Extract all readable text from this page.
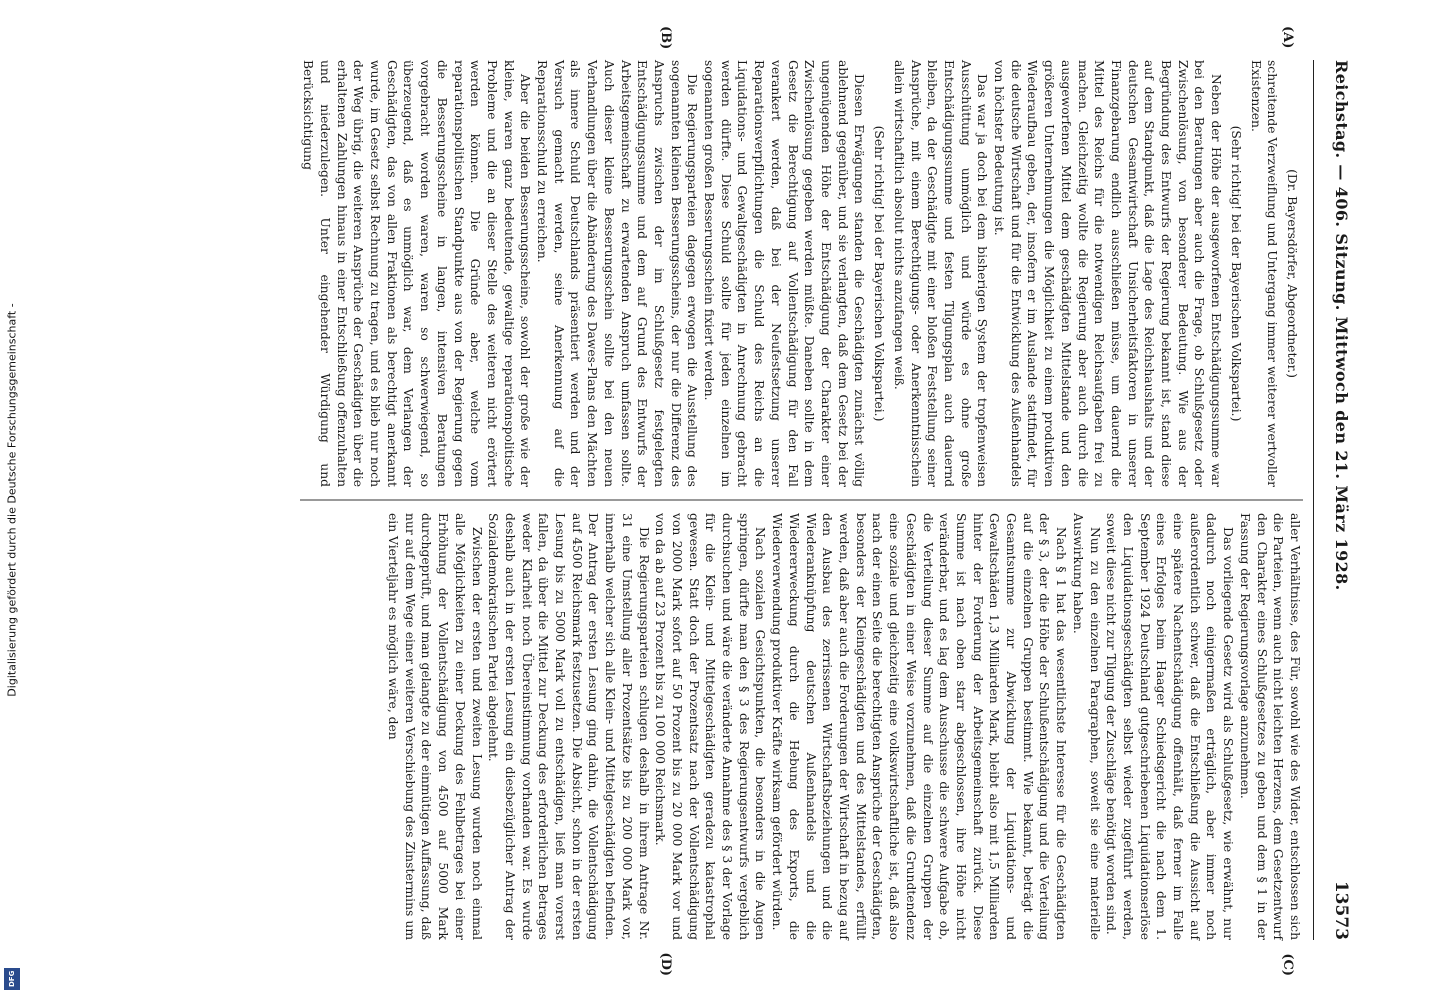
Reichstag. — 406. Sitzung. Mittwoch den 21. März 1928.
13573

(Dr. Bayersdörfer, Abgeordneter.)

schreitende Verzweiflung und Untergang immer weiterer wertvoller Existenzen.

(Sehr richtig! bei der Bayerischen Volkspartei.)

Neben der Höhe der ausgeworfenen Entschädigungssumme war bei den Beratungen aber auch die Frage, ob Schlußgesetz oder Zwischenlösung, von besonderer Bedeutung. Wie aus der Begründung des Entwurfs der Regierung bekannt ist, stand diese auf dem Standpunkt, daß die Lage des Reichshaushalts und der deutschen Gesamtwirtschaft Unsicherheitsfaktoren in unserer Finanzgebarung endlich ausschließen müsse, um dauernd die Mittel des Reichs für die notwendigen Reichsaufgaben frei zu machen. Gleichzeitig wollte die Regierung aber auch durch die ausgeworfenen Mittel dem geschädigten Mittelstande und den größeren Unternehmungen die Möglichkeit zu einem produktiven Wiederaufbau geben, der, insofern er im Auslande stattfindet, für die deutsche Wirtschaft und für die Entwicklung des Außenhandels von höchster Bedeutung ist.

Das war ja doch bei dem bisherigen System der tropfenweisen Ausschüttung unmöglich und würde es ohne große Entschädigungssumme und festen Tilgungsplan auch dauernd bleiben, da der Geschädigte mit einer bloßen Feststellung seiner Ansprüche, mit einem Berechtigungs- oder Anerkenntnisschein allein wirtschaftlich absolut nichts anzufangen weiß.

(Sehr richtig! bei der Bayerischen Volkspartei.)

Diesen Erwägungen standen die Geschädigten zunächst völlig ablehnend gegenüber, und sie verlangten, daß dem Gesetz bei der ungenügenden Höhe der Entschädigung der Charakter einer Zwischenlösung gegeben werden müßte. Daneben sollte in dem Gesetz die Berechtigung auf Vollentschädigung für den Fall verankert werden, daß bei der Neufestsetzung unserer Reparationsverpflichtungen die Schuld des Reichs an die Liquidations- und Gewaltgeschädigten in Anrechnung gebracht werden dürfte. Diese Schuld sollte für jeden einzelnen im sogenannten großen Besserungsschein fixiert werden.

Die Regierungsparteien dagegen erwogen die Ausstellung des sogenannten kleinen Besserungsscheins, der nur die Differenz des Anspruchs zwischen der im Schlußgesetz festgelegten Entschädigungssumme und dem auf Grund des Entwurfs der Arbeitsgemeinschaft zu erwartenden Anspruch umfassen sollte. Auch dieser kleine Besserungsschein sollte bei den neuen Verhandlungen über die Abänderung des Dawes-Plans den Mächten als innere Schuld Deutschlands präsentiert werden und der Versuch gemacht werden, seine Anerkennung auf die Reparationsschuld zu erreichen.

Aber die beiden Besserungsscheine, sowohl der große wie der kleine, waren ganz bedeutende, gewaltige reparationspolitische Probleme und die an dieser Stelle des weiteren nicht erörtert werden können. Die Gründe aber, welche vom reparationspolitischen Standpunkte aus von der Regierung gegen die Besserungsscheine in langen, intensiven Beratungen vorgebracht worden waren, waren so schwerwiegend, so überzeugend, daß es unmöglich war, dem Verlangen der Geschädigten, das von allen Fraktionen als berechtigt anerkannt wurde, im Gesetz selbst Rechnung zu tragen, und es blieb nur noch der Weg übrig, die weiteren Ansprüche der Geschädigten über die erhaltenen Zahlungen hinaus in einer Entschließung offenzuhalten und niederzulegen. Unter eingehender Würdigung und Berücksichtigung

aller Verhältnisse, des Für, sowohl wie des Wider, entschlossen sich die Parteien, wenn auch nicht leichten Herzens, dem Gesetzentwurf den Charakter eines Schlußgesetzes zu geben und dem § 1 in der Fassung der Regierungsvorlage anzunehmen.

Das vorliegende Gesetz wird als Schlußgesetz, wie erwähnt, nur dadurch noch einigermaßen erträglich, aber immer noch außerordentlich schwer, daß die Entschließung die Aussicht auf eine spätere Nachentschädigung offenhält, daß ferner im Falle eines Erfolges beim Haager Schiedsgericht die nach dem 1. September 1924 Deutschland gutgeschriebenen Liquidationserlöse den Liquidationsgeschädigten selbst wieder zugeführt werden, soweit diese nicht zur Tilgung der Zuschläge benötigt worden sind.

Nun zu den einzelnen Paragraphen, soweit sie eine materielle Auswirkung haben.

Nach § 1 hat das wesentlichste Interesse für die Geschädigten der § 3, der die Höhe der Schlußentschädigung und die Verteilung auf die einzelnen Gruppen bestimmt. Wie bekannt, beträgt die Gesamtsumme zur Abwicklung der Liquidations- und Gewaltschäden 1,3 Milliarden Mark, bleibt also mit 1,5 Milliarden hinter der Forderung der Arbeitsgemeinschaft zurück. Diese Summe ist nach oben starr abgeschlossen, ihre Höhe nicht veränderbar, und es lag dem Ausschusse die schwere Aufgabe ob, die Verteilung dieser Summe auf die einzelnen Gruppen der Geschädigten in einer Weise vorzunehmen, daß die Grundtendenz eine soziale und gleichzeitig eine volkswirtschaftliche ist, daß also nach der einen Seite die berechtigten Ansprüche der Geschädigten, besonders der Kleingeschädigten und des Mittelstandes, erfüllt werden, daß aber auch die Forderungen der Wirtschaft in bezug auf den Ausbau des zerrissenen Wirtschaftsbeziehungen und die Wiederanknüpfung deutschen Außenhandels und die Wiedererweckung durch die Hebung des Exports, die Wiederverwendung produktiver Kräfte wirksam gefördert würden.

Nach sozialen Gesichtspunkten, die besonders in die Augen springen, dürfte man den § 3 des Regierungsentwurfs vergeblich durchsuchen und wäre die veränderte Annahme des § 3 der Vorlage für die Klein- und Mittelgeschädigten geradezu katastrophal gewesen. Statt doch der Prozentsatz nach der Vollentschädigung von 2000 Mark sofort auf 50 Prozent bis zu 20 000 Mark vor und von da ab auf 23 Prozent bis zu 100 000 Reichsmark.

Die Regierungsparteien schlugen deshalb in ihrem Antrage Nr. 31 eine Umstellung aller Prozentsätze bis zu 200 000 Mark vor, innerhalb welcher sich alle Klein- und Mittelgeschädigten befinden. Der Antrag der ersten Lesung ging dahin, die Vollentschädigung auf 4500 Reichsmark festzusetzen. Die Absicht, schon in der ersten Lesung bis zu 5000 Mark voll zu entschädigen, ließ man vorerst fallen, da über die Mittel zur Deckung des erforderlichen Betrages weder Klarheit noch Übereinstimmung vorhanden war. Es wurde deshalb auch in der ersten Lesung ein diesbezüglicher Antrag der Sozialdemokratischen Partei abgelehnt.

Zwischen der ersten und zweiten Lesung wurden noch einmal alle Möglichkeiten zu einer Deckung des Fehlbetrages bei einer Erhöhung der Vollentschädigung von 4500 auf 5000 Mark durchgeprüft, und man gelangte zu der einmütigen Auffassung, daß nur auf dem Wege einer weiteren Verschiebung des Zinstermins um ein Vierteljahr es möglich wäre, den

(A)
(B)
(C)
(D)
Digitalisierung gefördert durch die Deutsche Forschungsgemeinschaft -
DFG
